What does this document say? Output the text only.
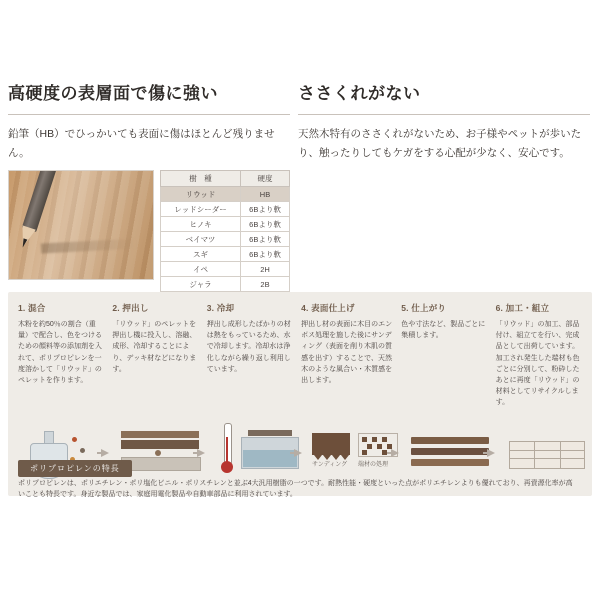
高硬度の表層面で傷に強い

鉛筆（HB）でひっかいても表面に傷はほとんど残りません。

樹　種	硬度
リウッド	HB
レッドシーダー	6Bより軟
ヒノキ	6Bより軟
ベイマツ	6Bより軟
スギ	6Bより軟
イペ	2H
ジャラ	2B
ささくれがない

天然木特有のささくれがないため、お子様やペットが歩いたり、触ったりしてもケガをする心配が少なく、安心です。

1. 混合

木粉を約50％の割合（重量）で配合し、色をつけるための顔料等の添加剤を入れて、ポリプロピレンを一度溶かして「リウッド」のペレットを作ります。

2. 押出し

「リウッド」のペレットを押出し機に投入し、溶融、成形、冷却することにより、デッキ材などになります。

3. 冷却

押出し成形したばかりの材は熱をもっているため、水で冷却します。冷却水は浄化しながら繰り返し利用しています。

4. 表面仕上げ

押出し材の表面に木目のエンボス処理を施した後にサンディング（表面を削り木肌の質感を出す）することで、天然木のような風合い・木質感を出します。

5. 仕上がり

色や寸法など、製品ごとに集積します。

6. 加工・組立

「リウッド」の加工、部品付け、組立てを行い、完成品として出荷しています。加工され発生した端材も色ごとに分別して、粉砕したあとに再度「リウッド」の材料としてリサイクルします。

サンディング 端材の処理
ポリプロピレンの特長
ポリプロピレンは、ポリエチレン・ポリ塩化ビニル・ポリスチレンと並ぶ4大汎用樹脂の一つです。耐熱性能・硬度といった点がポリエチレンよりも優れており、再資源化率が高いことも特長です。身近な製品では、家庭用電化製品や自動車部品に利用されています。
